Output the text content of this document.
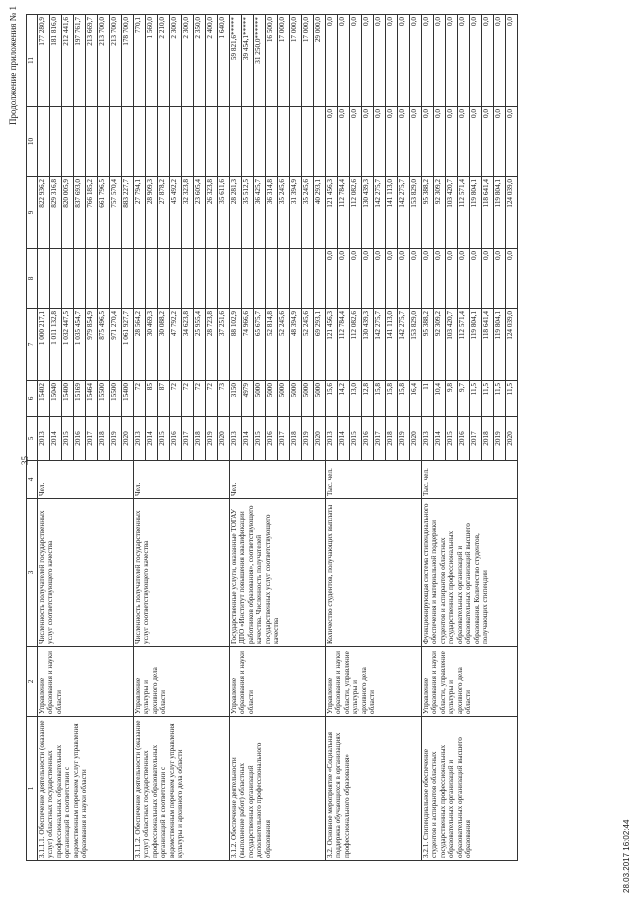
Продолжение приложения № 1
35
28.03.2017 16:02:44
1	2	3	4	5	6	7	8	9	10	11
3.1.1.1. Обеспечение деятельности (оказание услуг) областных государственных профессиональных образовательных организаций в соответствии с ведомственным перечнем услуг управления образования и науки области	Управление образования и науки области	Численность получателей государственных услуг соответствующего качества	Чел.	2013	15402	1 000 217,1		822 936,2		177 280,9
				2014	15040	1 011 132,8		829 316,8		181 816,0
				2015	15400	1 032 447,5		820 005,9		212 441,6
				2016	15169	1 035 454,7		837 693,0		197 761,7
				2017	15464	979 854,9		766 185,2		213 669,7
				2018	15500	875 496,5		661 796,5		213 700,0
				2019	15500	971 270,4		757 570,4		213 700,0
				2020	15400	1 061 927,7		883 227,7		178 700,0
3.1.1.2. Обеспечение деятельности (оказание услуг) областных государственных профессиональных образовательных организаций в соответствии с ведомственным перечнем услуг управления культуры и архивного дела области	Управление культуры и архивного дела области	Численность получателей государственных услуг соответствующего качества	Чел.	2013	72	28 564,2		27 794,1		770,1
				2014	85	30 469,3		28 909,3		1 560,0
				2015	87	30 088,2		27 878,2		2 210,0
				2016	72	47 792,2		45 492,2		2 300,0
				2017	72	34 623,8		32 323,8		2 300,0
				2018	72	25 955,4		23 605,4		2 350,0
				2019	72	28 723,8		26 323,8		2 400,0
				2020	73	37 251,6		35 611,6		1 640,0
3.1.2. Обеспечение деятельности (выполнение работ) областных государственных организаций дополнительного профессионального образования	Управление образования и науки области	Государственные услуги, оказанные ТОГАУ ДПО «Институт повышения квалификации работников образования», соответствующего качества. Численность получателей государственных услуг соответствующего качества	Чел.	2013	3150	88 102,9		28 281,3		59 821,6*****
				2014	4979	74 966,6		35 512,5		39 454,1*****
				2015	5000	65 675,7		36 425,7		31 250,0******
				2016	5000	52 814,8		36 314,8		16 500,0
				2017	5000	52 245,6		35 245,6		17 000,0
				2018	5000	48 394,9		31 394,9		17 000,0
				2019	5000	52 245,6		35 245,6		17 000,0
				2020	5000	69 293,1		40 293,1		29 000,0
3.2. Основное мероприятие «Социальная поддержка обучающихся в организациях профессионального образования»	Управление образования и науки области, управление культуры и архивного дела области	Количество студентов, получающих выплаты	Тыс. чел.	2013	15,6	121 456,3	0,0	121 456,3	0,0	0,0
				2014	14,2	112 784,4	0,0	112 784,4	0,0	0,0
				2015	13,0	112 082,6	0,0	112 082,6	0,0	0,0
				2016	12,8	130 439,3	0,0	130 439,3	0,0	0,0
				2017	15,8	142 275,7	0,0	142 275,7	0,0	0,0
				2018	15,8	141 113,0	0,0	141 113,0	0,0	0,0
				2019	15,8	142 275,7	0,0	142 275,7	0,0	0,0
				2020	16,4	153 829,0	0,0	153 829,0	0,0	0,0
3.2.1. Стипендиальное обеспечение студентов и аспирантов областных государственных профессиональных образовательных организаций и образовательных организаций высшего образования	Управление образования и науки области, управление культуры и архивного дела области	Функционирующая система стипендиального обеспечения и материальной поддержки студентов и аспирантов областных государственных профессиональных образовательных организаций и образовательных организаций высшего образования. Количество студентов, получающих стипендии	Тыс. чел.	2013	11	95 388,2	0,0	95 388,2	0,0	0,0
				2014	10,4	92 309,2	0,0	92 309,2	0,0	0,0
				2015	9,8	103 420,7	0,0	103 420,7	0,0	0,0
				2016	9,7	112 571,4	0,0	112 571,4	0,0	0,0
				2017	11,5	119 804,1	0,0	119 804,1	0,0	0,0
				2018	11,5	118 641,4	0,0	118 641,4	0,0	0,0
				2019	11,5	119 804,1	0,0	119 804,1	0,0	0,0
				2020	11,5	124 039,0	0,0	124 039,0	0,0	0,0
